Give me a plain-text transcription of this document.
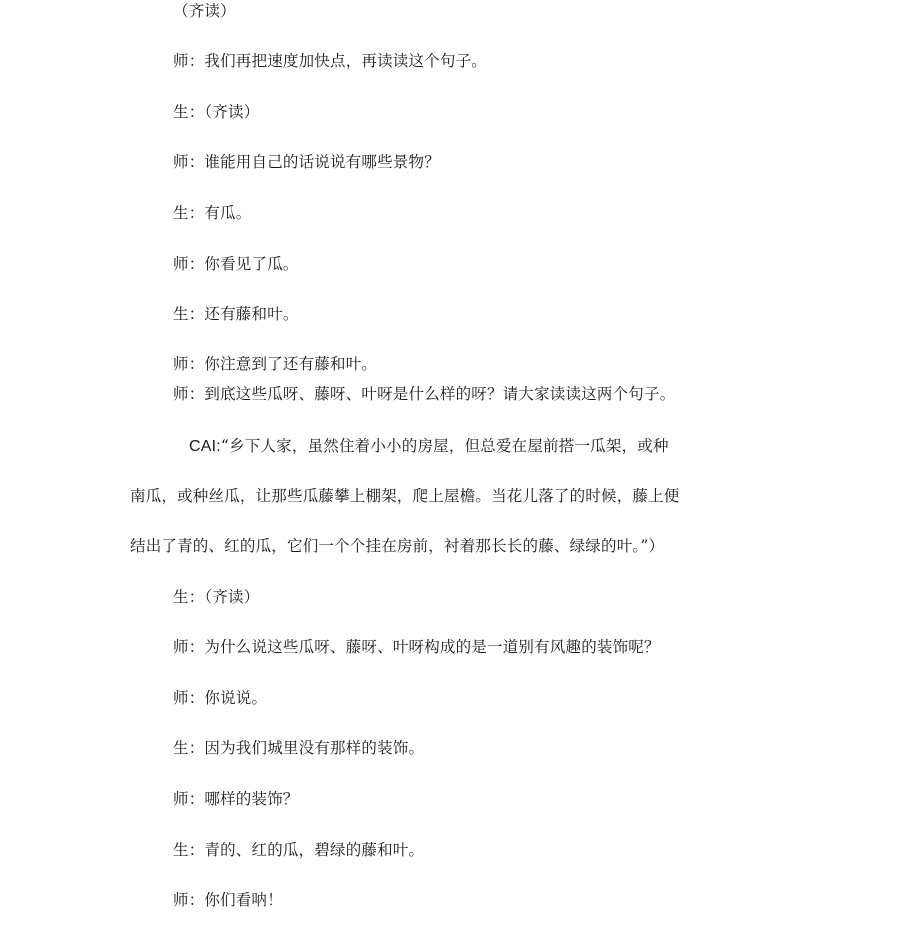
（齐读）

师：我们再把速度加快点，再读读这个句子。

生：（齐读）

师：谁能用自己的话说说有哪些景物？

生：有瓜。

师：你看见了瓜。

生：还有藤和叶。

师：你注意到了还有藤和叶。

师：到底这些瓜呀、藤呀、叶呀是什么样的呀？请大家读读这两个句子。

CAI:“乡下人家，虽然住着小小的房屋，但总爱在屋前搭一瓜架，或种

南瓜，或种丝瓜，让那些瓜藤攀上棚架，爬上屋檐。当花儿落了的时候，藤上便

结出了青的、红的瓜，它们一个个挂在房前，衬着那长长的藤、绿绿的叶。”）

生：（齐读）

师：为什么说这些瓜呀、藤呀、叶呀构成的是一道别有风趣的装饰呢？

师：你说说。

生：因为我们城里没有那样的装饰。

师：哪样的装饰？

生：青的、红的瓜，碧绿的藤和叶。

师：你们看呐！
